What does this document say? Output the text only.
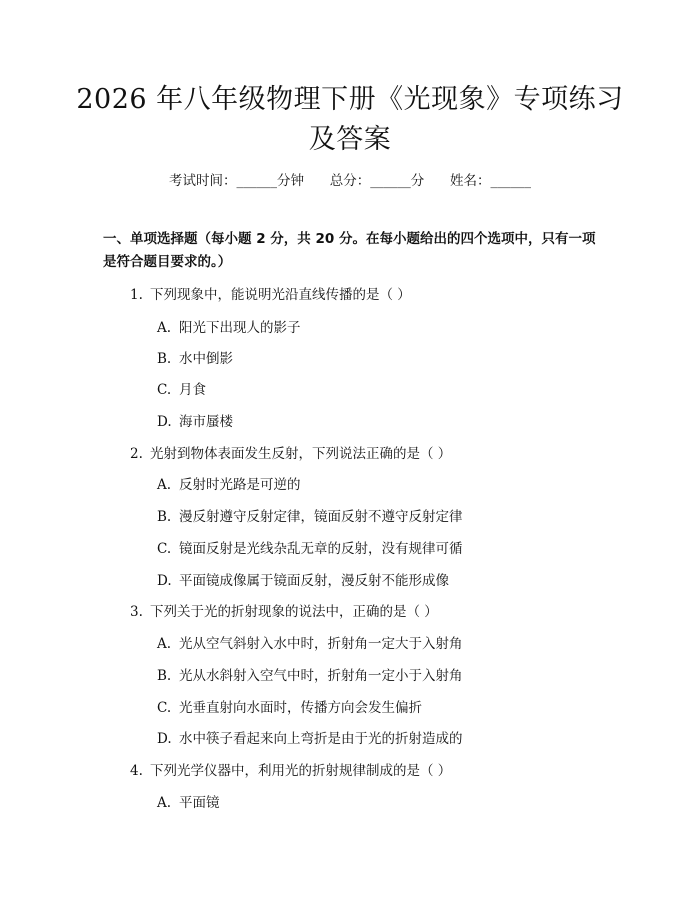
2026 年八年级物理下册《光现象》专项练习
及答案
考试时间：______分钟 总分：______分 姓名：______
一、单项选择题（每小题 2 分，共 20 分。在每小题给出的四个选项中，只有一项是符合题目要求的。）
1. 下列现象中，能说明光沿直线传播的是（ ）
A. 阳光下出现人的影子
B. 水中倒影
C. 月食
D. 海市蜃楼
2. 光射到物体表面发生反射，下列说法正确的是（ ）
A. 反射时光路是可逆的
B. 漫反射遵守反射定律，镜面反射不遵守反射定律
C. 镜面反射是光线杂乱无章的反射，没有规律可循
D. 平面镜成像属于镜面反射，漫反射不能形成像
3. 下列关于光的折射现象的说法中，正确的是（ ）
A. 光从空气斜射入水中时，折射角一定大于入射角
B. 光从水斜射入空气中时，折射角一定小于入射角
C. 光垂直射向水面时，传播方向会发生偏折
D. 水中筷子看起来向上弯折是由于光的折射造成的
4. 下列光学仪器中，利用光的折射规律制成的是（ ）
A. 平面镜
